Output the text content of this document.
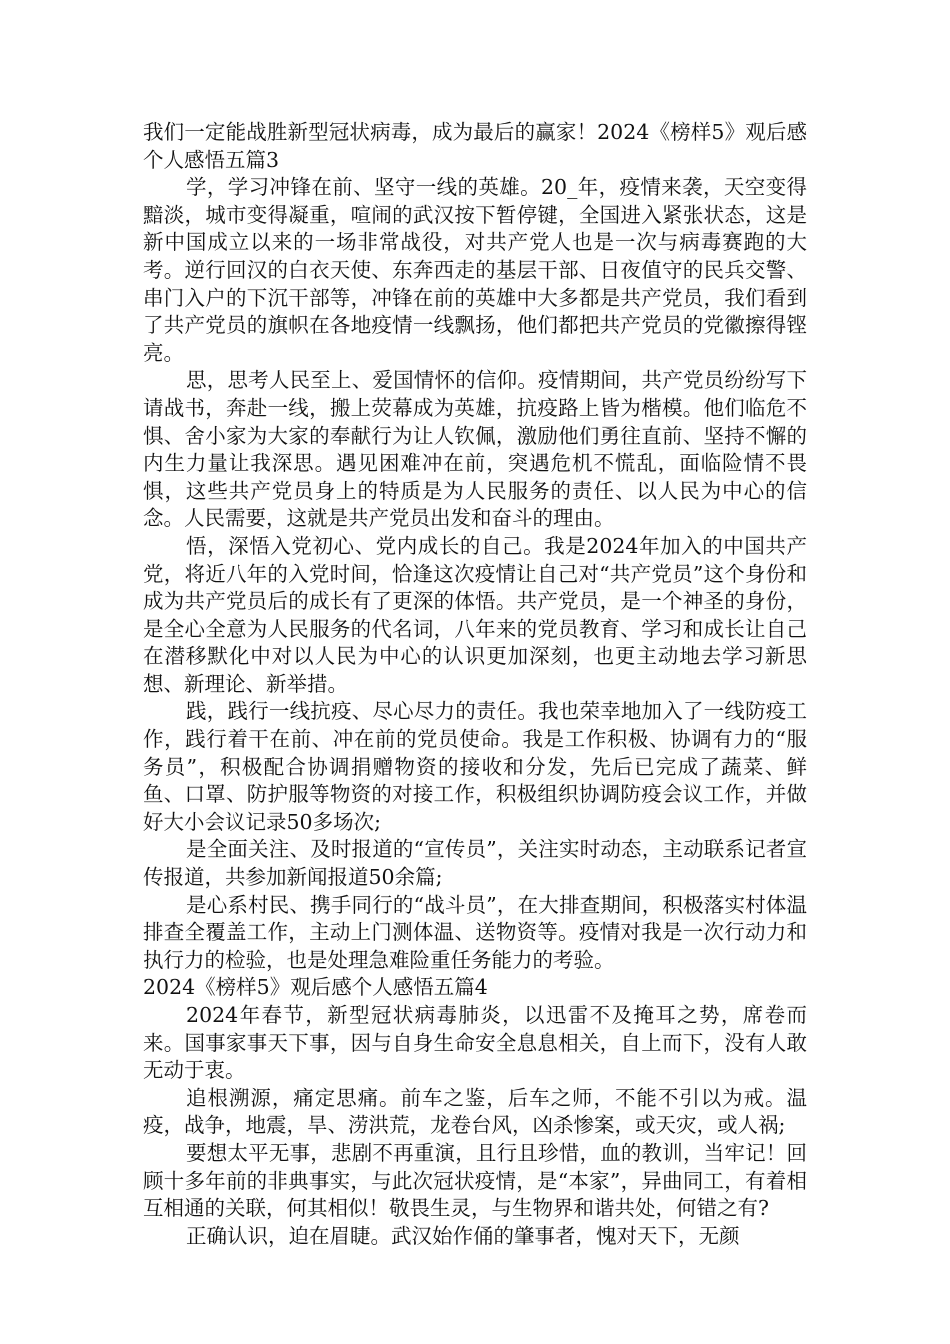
我们一定能战胜新型冠状病毒，成为最后的赢家！2024《榜样5》观后感个人感悟五篇3

学，学习冲锋在前、坚守一线的英雄。20_年，疫情来袭，天空变得黯淡，城市变得凝重，喧闹的武汉按下暂停键，全国进入紧张状态，这是新中国成立以来的一场非常战役，对共产党人也是一次与病毒赛跑的大考。逆行回汉的白衣天使、东奔西走的基层干部、日夜值守的民兵交警、串门入户的下沉干部等，冲锋在前的英雄中大多都是共产党员，我们看到了共产党员的旗帜在各地疫情一线飘扬，他们都把共产党员的党徽擦得铿亮。

思，思考人民至上、爱国情怀的信仰。疫情期间，共产党员纷纷写下请战书，奔赴一线，搬上荧幕成为英雄，抗疫路上皆为楷模。他们临危不惧、舍小家为大家的奉献行为让人钦佩，激励他们勇往直前、坚持不懈的内生力量让我深思。遇见困难冲在前，突遇危机不慌乱，面临险情不畏惧，这些共产党员身上的特质是为人民服务的责任、以人民为中心的信念。人民需要，这就是共产党员出发和奋斗的理由。

悟，深悟入党初心、党内成长的自己。我是2024年加入的中国共产党，将近八年的入党时间，恰逢这次疫情让自己对“共产党员”这个身份和成为共产党员后的成长有了更深的体悟。共产党员，是一个神圣的身份，是全心全意为人民服务的代名词，八年来的党员教育、学习和成长让自己在潜移默化中对以人民为中心的认识更加深刻，也更主动地去学习新思想、新理论、新举措。

践，践行一线抗疫、尽心尽力的责任。我也荣幸地加入了一线防疫工作，践行着干在前、冲在前的党员使命。我是工作积极、协调有力的“服务员”，积极配合协调捐赠物资的接收和分发，先后已完成了蔬菜、鲜鱼、口罩、防护服等物资的对接工作，积极组织协调防疫会议工作，并做好大小会议记录50多场次;

是全面关注、及时报道的“宣传员”，关注实时动态，主动联系记者宣传报道，共参加新闻报道50余篇;

是心系村民、携手同行的“战斗员”，在大排查期间，积极落实村体温排查全覆盖工作，主动上门测体温、送物资等。疫情对我是一次行动力和执行力的检验，也是处理急难险重任务能力的考验。

2024《榜样5》观后感个人感悟五篇4

2024年春节，新型冠状病毒肺炎，以迅雷不及掩耳之势，席卷而来。国事家事天下事，因与自身生命安全息息相关，自上而下，没有人敢无动于衷。

追根溯源，痛定思痛。前车之鉴，后车之师，不能不引以为戒。温疫，战争，地震，旱、涝洪荒，龙卷台风，凶杀惨案，或天灾，或人祸;

要想太平无事，悲剧不再重演，且行且珍惜，血的教训，当牢记！回顾十多年前的非典事实，与此次冠状疫情，是“本家”，异曲同工，有着相互相通的关联，何其相似！敬畏生灵，与生物界和谐共处，何错之有?

正确认识，迫在眉睫。武汉始作俑的肇事者，愧对天下，无颜
